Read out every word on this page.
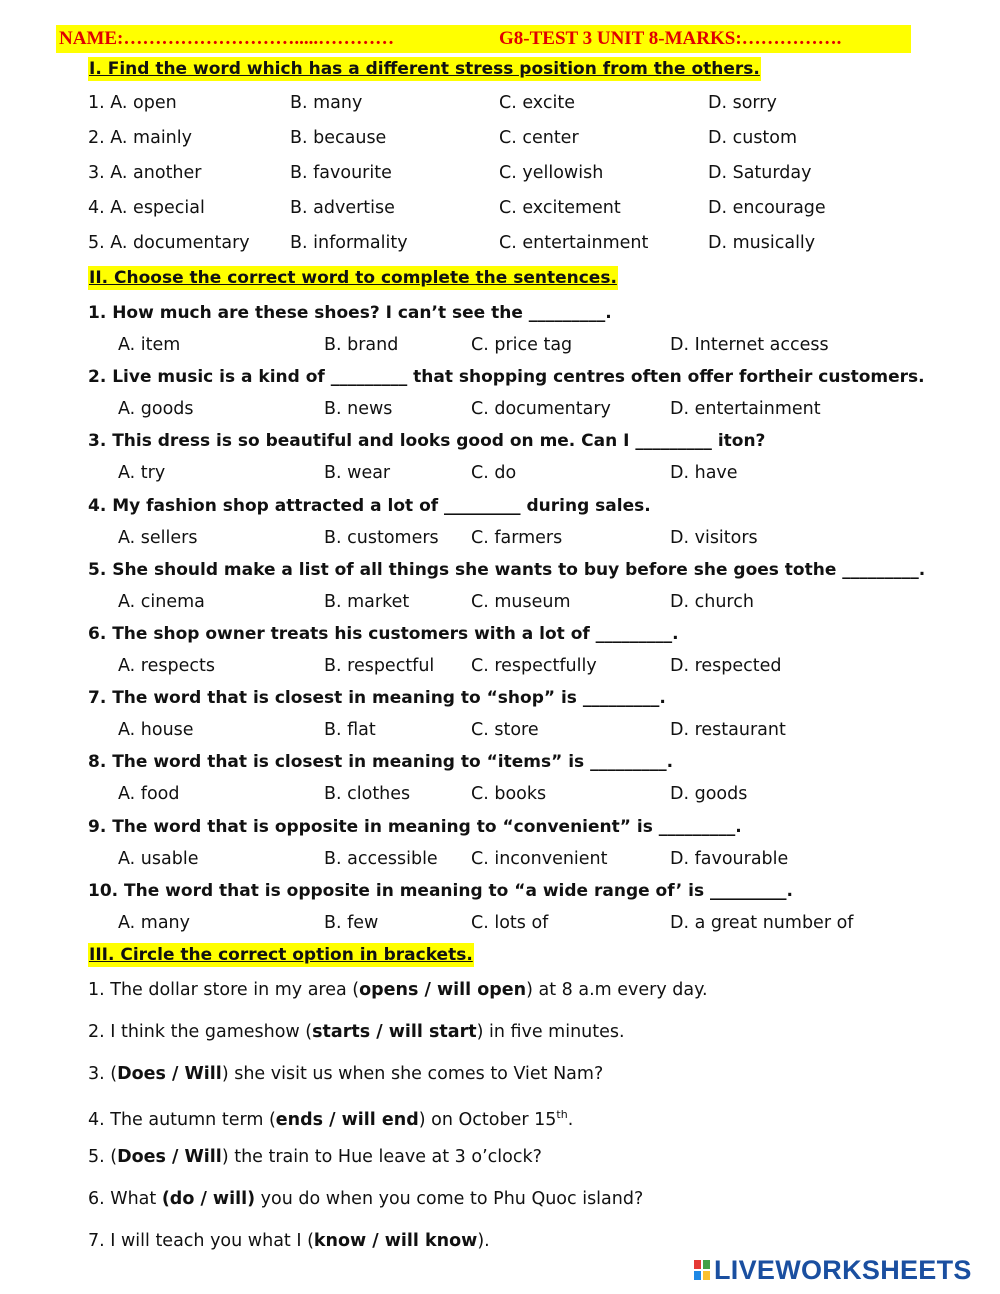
NAME:……………………….....…………	G8-TEST 3 UNIT 8-MARKS:…………….
I. Find the word which has a different stress position from the others.
1. A. open	B. many	C. excite	D. sorry
2. A. mainly	B. because	C. center	D. custom
3. A. another	B. favourite	C. yellowish	D. Saturday
4. A. especial	B. advertise	C. excitement	D. encourage
5. A. documentary B. informality	C. entertainment	D. musically
II. Choose the correct word to complete the sentences.
1. How much are these shoes? I can’t see the _________.
A. item	B. brand	C. price tag	D. Internet access
2. Live music is a kind of _________ that shopping centres often offer fortheir customers.
A. goods	B. news	C. documentary	D. entertainment
3. This dress is so beautiful and looks good on me. Can I _________ iton?
A. try	B. wear	C. do	D. have
4. My fashion shop attracted a lot of _________ during sales.
A. sellers	B. customers C. farmers	D. visitors
5. She should make a list of all things she wants to buy before she goes tothe _________.
A. cinema	B. market	C. museum	D. church
6. The shop owner treats his customers with a lot of _________.
A. respects	B. respectful C. respectfully	D. respected
7. The word that is closest in meaning to “shop” is _________.
A. house	B. flat	C. store	D. restaurant
8. The word that is closest in meaning to “items” is _________.
A. food	B. clothes	C. books	D. goods
9. The word that is opposite in meaning to “convenient” is _________.
A. usable	B. accessible C. inconvenient	D. favourable
10. The word that is opposite in meaning to “a wide range of’ is _________.
A. many	B. few	C. lots of	D. a great number of
III. Circle the correct option in brackets.
1. The dollar store in my area (opens / will open) at 8 a.m every day.
2. I think the gameshow (starts / will start) in five minutes.
3. (Does / Will) she visit us when she comes to Viet Nam?
4. The autumn term (ends / will end) on October 15th.
5. (Does / Will) the train to Hue leave at 3 o’clock?
6. What (do / will) you do when you come to Phu Quoc island?
7. I will teach you what I (know / will know).
LIVEWORKSHEETS
